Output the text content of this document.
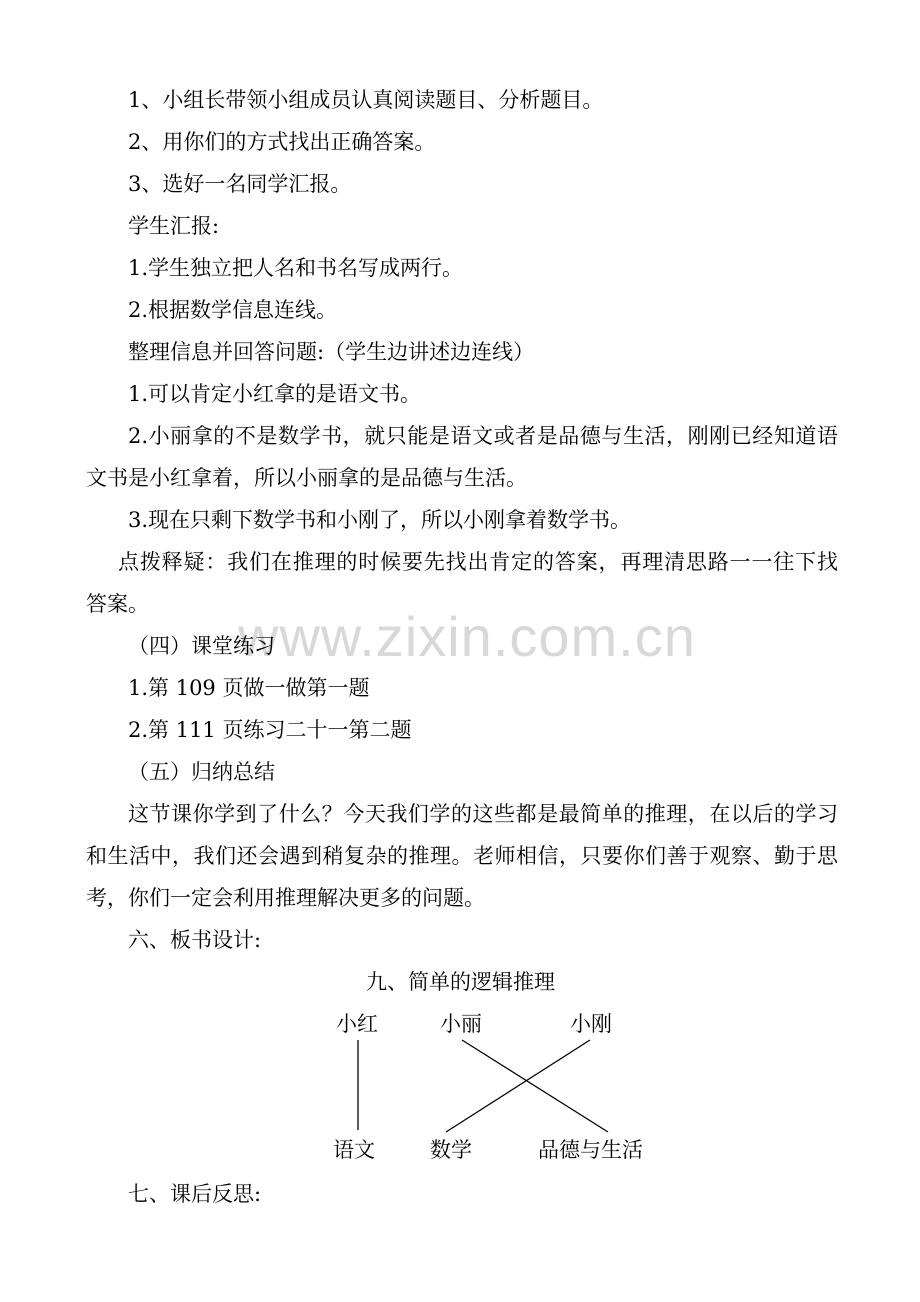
1、小组长带领小组成员认真阅读题目、分析题目。
2、用你们的方式找出正确答案。
3、选好一名同学汇报。
学生汇报:
1.学生独立把人名和书名写成两行。
2.根据数学信息连线。
整理信息并回答问题:（学生边讲述边连线）
1.可以肯定小红拿的是语文书。
2.小丽拿的不是数学书，就只能是语文或者是品德与生活，刚刚已经知道语
文书是小红拿着，所以小丽拿的是品德与生活。
3.现在只剩下数学书和小刚了，所以小刚拿着数学书。
点拨释疑：我们在推理的时候要先找出肯定的答案，再理清思路一一往下找
答案。
www.zixin.com.cn
（四）课堂练习
1.第 109 页做一做第一题
2.第 111 页练习二十一第二题
（五）归纳总结
这节课你学到了什么？今天我们学的这些都是最简单的推理，在以后的学习
和生活中，我们还会遇到稍复杂的推理。老师相信，只要你们善于观察、勤于思
考，你们一定会利用推理解决更多的问题。
六、板书设计:
九、简单的逻辑推理
小红	小丽	小刚
语文	数学	品德与生活
七、课后反思:
